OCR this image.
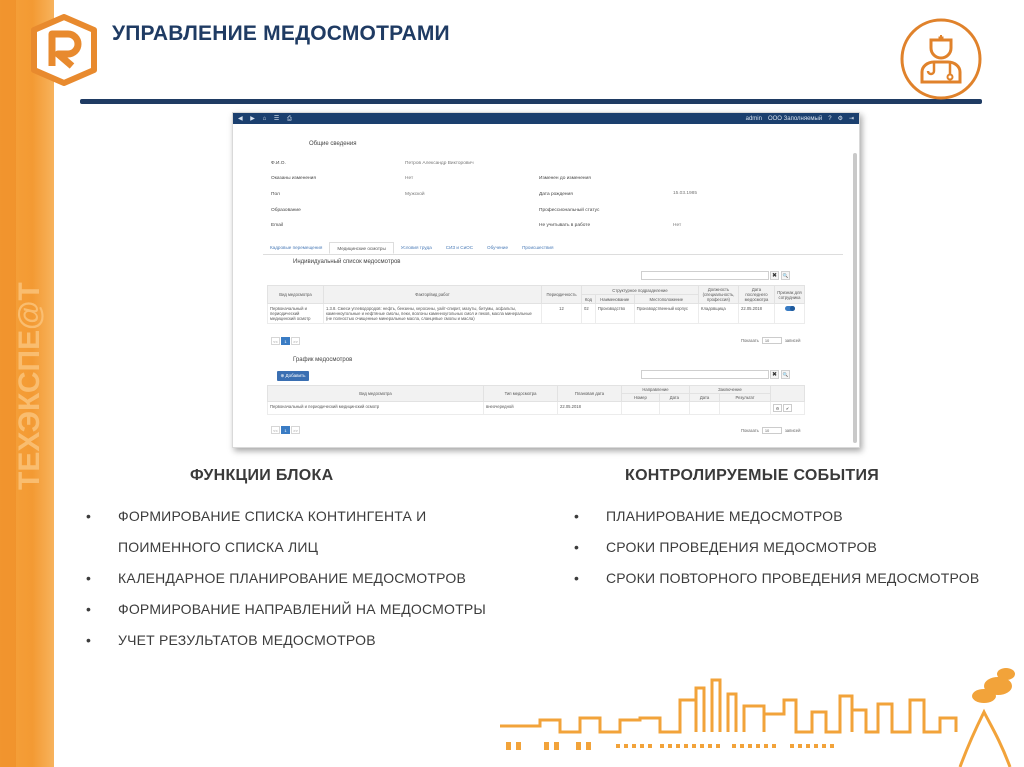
ТЕХЭКСПЕ@Т
УПРАВЛЕНИЕ МЕДОСМОТРАМИ
◀ ▶ ⌂ ☰ ⎙	admin ООО Заполняемый ? ⚙ ⇥
Общие сведения
Ф.И.О.	Петров Александр Викторович
Оказаны изменения	Нет
Пол	Мужской
Образование
Email
Изменен до изменения
Дата рождения	15.03.1985
Профессиональный статус
Не учитывать в работе	Нет
Кадровые перемещения	Медицинские осмотры	Условия труда	СИЗ и СиОС	Обучение	Происшествия
Индивидуальный список медосмотров
✖	🔍
Вид медосмотра	Фактор/вид работ	Периодичность	Структурное подразделение			Должность (специальность, профессия)	Дата последнего медосмотра	Признак для сотрудника
			Код	Наименование	Местоположение			
Первоначальный и периодический медицинский осмотр	1.3.8. Смеси углеводородов: нефть, бензины, керосины, уайт-спирит, мазуты, битумы, асфальты, каменноугольные и нефтяные смолы, пеки, возгоны каменноугольных смол и пеков, масла минеральные (не полностью очищенные минеральные масла, сланцевые смолы и масла)	12	02	Производство	Производственный корпус	Кладовщица	22.05.2018	
<<	1	>>	Показать	10	записей
График медосмотров
⊕ Добавить	✖	🔍
Вид медосмотра	Тип медосмотра	Плановая дата	Направление		Заключение		
			Номер	Дата	Дата	Результат	
Первоначальный и периодический медицинский осмотр	внеочередной	22.05.2018					⚙ ✔
<<	1	>>	Показать	10	записей
ФУНКЦИИ БЛОКА
• ФОРМИРОВАНИЕ СПИСКА КОНТИНГЕНТА И
ПОИМЕННОГО СПИСКА ЛИЦ
• КАЛЕНДАРНОЕ ПЛАНИРОВАНИЕ МЕДОСМОТРОВ
• ФОРМИРОВАНИЕ НАПРАВЛЕНИЙ НА МЕДОСМОТРЫ
• УЧЕТ РЕЗУЛЬТАТОВ МЕДОСМОТРОВ
КОНТРОЛИРУЕМЫЕ СОБЫТИЯ
• ПЛАНИРОВАНИЕ МЕДОСМОТРОВ
• СРОКИ ПРОВЕДЕНИЯ МЕДОСМОТРОВ
• СРОКИ ПОВТОРНОГО ПРОВЕДЕНИЯ МЕДОСМОТРОВ
